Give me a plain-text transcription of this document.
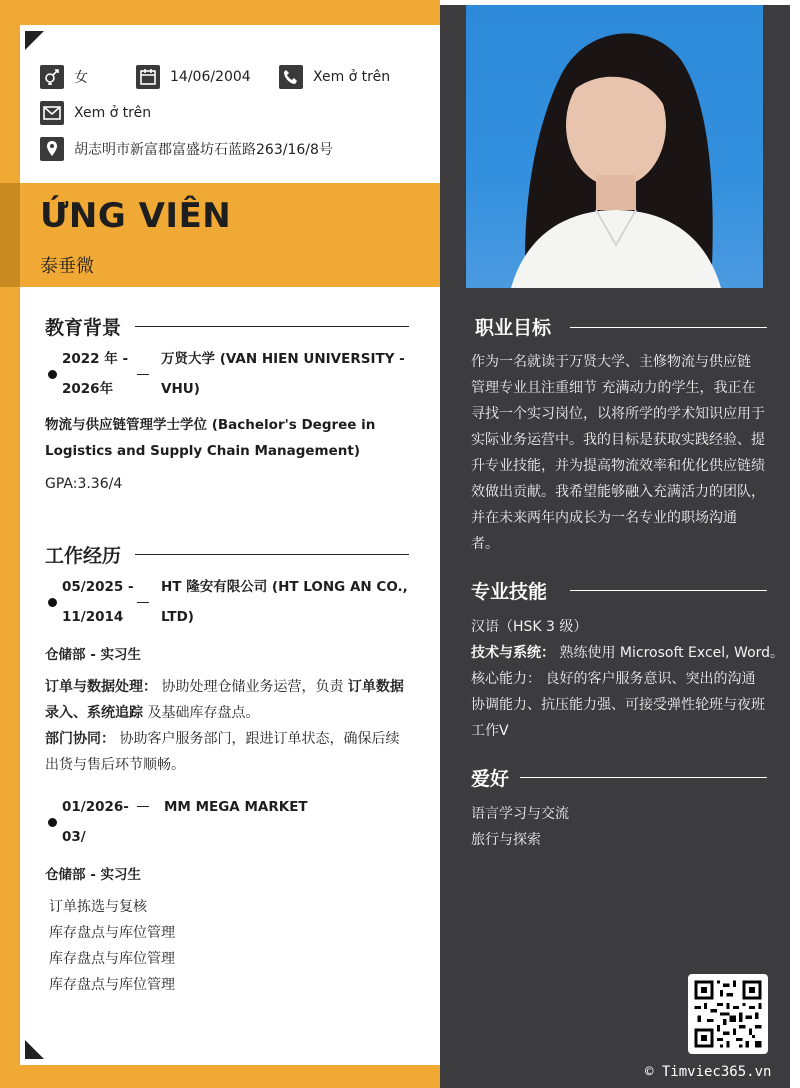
女	14/06/2004	Xem ở trên
Xem ở trên
胡志明市新富郡富盛坊石蓝路263/16/8号
ỨNG VIÊN
泰垂微
教育背景
2022 年 -
2026年
万贤大学 (VAN HIEN UNIVERSITY -
VHU)
物流与供应链管理学士学位 (Bachelor's Degree in
Logistics and Supply Chain Management)
GPA:3.36/4
工作经历
05/2025 -
11/2014
HT 隆安有限公司 (HT LONG AN CO.,
LTD)
仓储部 - 实习生
订单与数据处理： 协助处理仓储业务运营，负责 订单数据
录入、系统追踪 及基础库存盘点。
部门协同： 协助客户服务部门，跟进订单状态，确保后续
出货与售后环节顺畅。
01/2026-
03/
MM MEGA MARKET
仓储部 - 实习生
订单拣选与复核
库存盘点与库位管理
库存盘点与库位管理
库存盘点与库位管理
职业目标
作为一名就读于万贤大学、主修物流与供应链
管理专业且注重细节 充满动力的学生，我正在
寻找一个实习岗位，以将所学的学术知识应用于
实际业务运营中。我的目标是获取实践经验、提
升专业技能，并为提高物流效率和优化供应链绩
效做出贡献。我希望能够融入充满活力的团队，
并在未来两年内成长为一名专业的职场沟通
者。
专业技能
汉语（HSK 3 级）
技术与系统： 熟练使用 Microsoft Excel, Word。
核心能力： 良好的客户服务意识、突出的沟通
协调能力、抗压能力强、可接受弹性轮班与夜班
工作V
爱好
语言学习与交流
旅行与探索
© Timviec365.vn
